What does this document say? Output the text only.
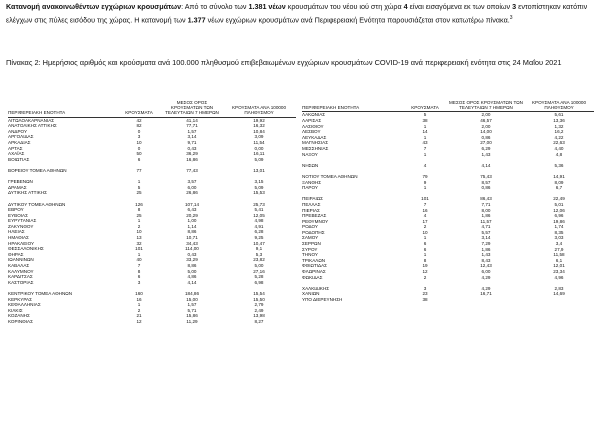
Κατανομή ανακοινωθέντων εγχώριων κρουσμάτων: Από το σύνολο των 1.381 νέων κρουσμάτων του νέου ιού στη χώρα 4 είναι εισαγόμενα εκ των οποίων 3 εντοπίστηκαν κατόπιν ελέγχων στις πύλες εισόδου της χώρας. Η κατανομή των 1.377 νέων εγχώριων κρουσμάτων ανά Περιφερειακή Ενότητα παρουσιάζεται στον κατωτέρω πίνακα.$^3$
Πίνακας 2: Ημερήσιος αριθμός και κρούσματα ανά 100.000 πληθυσμού επιβεβαιωμένων εγχώριων κρουσμάτων COVID-19 ανά περιφερειακή ενότητα στις 24 Μαΐου 2021
ΠΕΡΙΦΕΡΕΙΑΚΗ ΕΝΟΤΗΤΑ	ΚΡΟΥΣΜΑΤΑ	ΜΕΣΟΣ ΟΡΟΣ ΚΡΟΥΣΜΑΤΩΝ ΤΩΝ ΤΕΛΕΥΤΑΙΩΝ 7 ΗΜΕΡΩΝ	ΚΡΟΥΣΜΑΤΑ ΑΝΑ 100000 ΠΛΗΘΥΣΜΟΥ
ΑΙΤΩΛΟΑΚΑΡΝΑΝΙΑΣ	42	41,14	19,92
ΑΝΑΤΟΛΙΚΗΣ ΑΤΤΙΚΗΣ	82	77,71	16,32
ΑΝΔΡΟΥ	0	1,57	10,84
ΑΡΓΟΛΙΔΑΣ	3	3,14	3,09
ΑΡΚΑΔΙΑΣ	10	9,71	11,54
ΑΡΤΑΣ	0	0,43	0,00
ΑΧΑΪΑΣ	50	36,29	16,11
ΒΟΙΩΤΙΑΣ	6	16,86	5,09

ΒΟΡΕΙΟΥ ΤΟΜΕΑ ΑΘΗΝΩΝ	77	77,43	13,01

ΓΡΕΒΕΝΩΝ	1	3,57	3,15
ΔΡΑΜΑΣ	5	6,00	5,09
ΔΥΤΙΚΗΣ ΑΤΤΙΚΗΣ	25	26,86	15,53

ΔΥΤΙΚΟΥ ΤΟΜΕΑ ΑΘΗΝΩΝ	126	107,14	25,73
ΕΒΡΟΥ	8	6,43	5,41
ΕΥΒΟΙΑΣ	25	20,29	12,05
ΕΥΡΥΤΑΝΙΑΣ	1	1,00	4,98
ΖΑΚΥΝΘΟΥ	2	1,14	4,91
ΗΛΕΙΑΣ	10	8,86	6,28
ΗΜΑΘΙΑΣ	13	10,71	9,25
ΗΡΑΚΛΕΙΟΥ	32	34,43	10,47
ΘΕΣΣΑΛΟΝΙΚΗΣ	101	114,00	9,1
ΘΗΡΑΣ	1	0,43	5,3
ΙΩΑΝΝΙΝΩΝ	40	33,29	23,82
ΚΑΒΑΛΑΣ	7	8,86	5,00
ΚΑΛΥΜΝΟΥ	8	5,00	27,16
ΚΑΡΔΙΤΣΑΣ	6	4,86	5,28
ΚΑΣΤΟΡΙΑΣ	3	4,14	6,98

ΚΕΝΤΡΙΚΟΥ ΤΟΜΕΑ ΑΘΗΝΩΝ	160	184,86	15,54
ΚΕΡΚΥΡΑΣ	16	15,00	15,50
ΚΕΦΑΛΛΗΝΙΑΣ	1	1,57	2,79
ΚΙΛΚΙΣ	2	5,71	2,49
ΚΟΖΑΝΗΣ	21	15,86	13,98
ΚΟΡΙΝΘΙΑΣ	12	11,29	8,27
ΠΕΡΙΦΕΡΕΙΑΚΗ ΕΝΟΤΗΤΑ	ΚΡΟΥΣΜΑΤΑ	ΜΕΣΟΣ ΟΡΟΣ ΚΡΟΥΣΜΑΤΩΝ ΤΩΝ ΤΕΛΕΥΤΑΙΩΝ 7 ΗΜΕΡΩΝ	ΚΡΟΥΣΜΑΤΑ ΑΝΑ 100000 ΠΛΗΘΥΣΜΟΥ
ΛΑΚΩΝΙΑΣ	5	2,00	5,61
ΛΑΡΙΣΑΣ	38	46,57	13,36
ΛΑΣΙΘΙΟΥ	1	2,00	1,32
ΛΕΣΒΟΥ	14	14,00	16,2
ΛΕΥΚΑΔΑΣ	1	0,86	4,22
ΜΑΓΝΗΣΙΑΣ	43	27,00	22,63
ΜΕΣΣΗΝΙΑΣ	7	6,29	4,40
ΝΑΞΟΥ	1	1,43	4,8

ΝΗΣΩΝ	4	4,14	5,36

ΝΟΤΙΟΥ ΤΟΜΕΑ ΑΘΗΝΩΝ	79	75,43	14,91
ΞΑΝΘΗΣ	9	8,57	8,09
ΠΑΡΟΥ	1	0,86	6,7

ΠΕΙΡΑΙΩΣ	101	86,43	22,49
ΠΕΛΛΑΣ	7	7,71	5,01
ΠΙΕΡΙΑΣ	16	8,00	12,06
ΠΡΕΒΕΖΑΣ	4	1,86	6,96
ΡΕΘΥΜΝΟΥ	17	11,57	19,86
ΡΟΔΟΥ	2	4,71	1,74
ΡΟΔΟΠΗΣ	10	5,57	8,35
ΣΑΜΟΥ	1	3,14	3,03
ΣΕΡΡΩΝ	6	7,29	3,4
ΣΥΡΟΥ	6	1,86	27,9
ΤΗΝΟΥ	1	1,43	11,58
ΤΡΙΚΑΛΩΝ	8	8,43	6,1
ΦΘΙΩΤΙΔΑΣ	19	12,43	12,01
ΦΛΩΡΙΝΑΣ	12	6,00	23,34
ΦΩΚΙΔΑΣ	2	4,29	4,96

ΧΑΛΚΙΔΙΚΗΣ	3	4,29	2,83
ΧΑΝΙΩΝ	23	16,71	14,69
ΥΠΟ ΔΙΕΡΕΥΝΗΣΗ	38		
